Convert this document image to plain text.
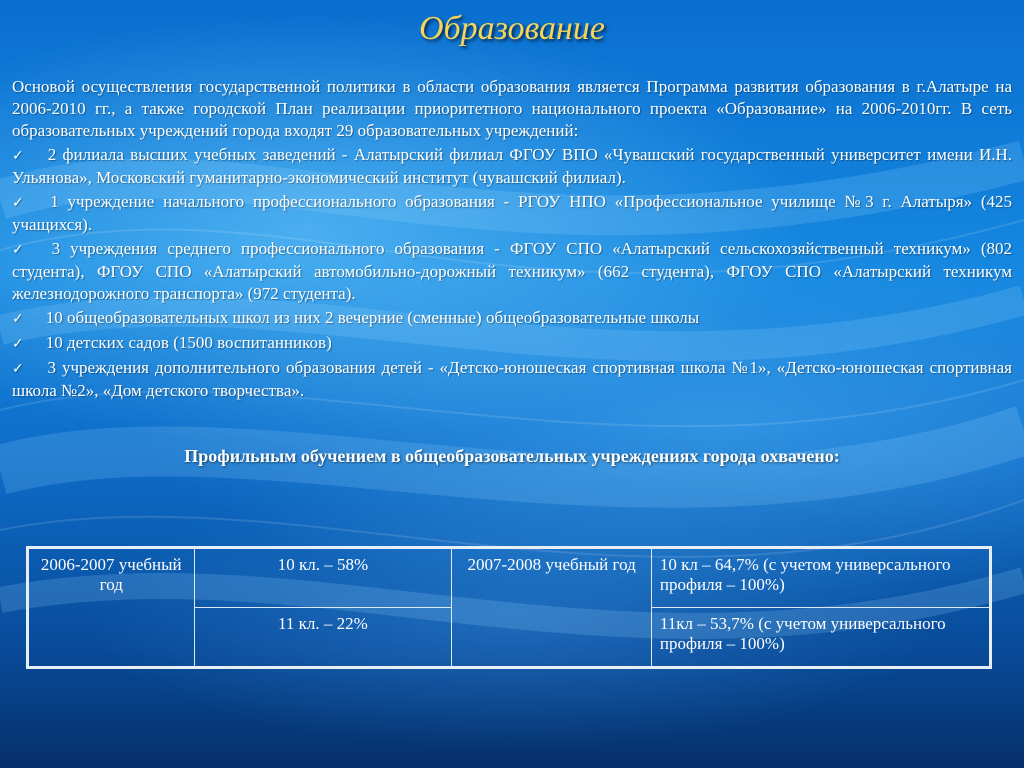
Образование

Основой осуществления государственной политики в области образования является Программа развития образования в г.Алатыре на 2006-2010 гг., а также городской План реализации приоритетного национального проекта «Образование» на 2006-2010гг. В сеть образовательных учреждений города входят 29 образовательных учреждений:

✓ 2 филиала высших учебных заведений - Алатырский филиал ФГОУ ВПО «Чувашский государственный университет имени И.Н. Ульянова», Московский гуманитарно-экономический институт (чувашский филиал).

✓ 1 учреждение начального профессионального образования - РГОУ НПО «Профессиональное училище №3 г. Алатыря» (425 учащихся).

✓ 3 учреждения среднего профессионального образования - ФГОУ СПО «Алатырский сельскохозяйственный техникум» (802 студента), ФГОУ СПО «Алатырский автомобильно-дорожный техникум» (662 студента), ФГОУ СПО «Алатырский техникум железнодорожного транспорта» (972 студента).

✓ 10 общеобразовательных школ из них 2 вечерние (сменные) общеобразовательные школы

✓ 10 детских садов (1500 воспитанников)

✓ 3 учреждения дополнительного образования детей - «Детско-юношеская спортивная школа №1», «Детско-юношеская спортивная школа №2», «Дом детского творчества».

Профильным обучением в общеобразовательных учреждениях города охвачено:
2006-2007 учебный год	10 кл. – 58%	2007-2008 учебный год	10 кл – 64,7% (с учетом универсального профиля – 100%)
	11 кл. – 22%		11кл – 53,7% (с учетом универсального профиля – 100%)
